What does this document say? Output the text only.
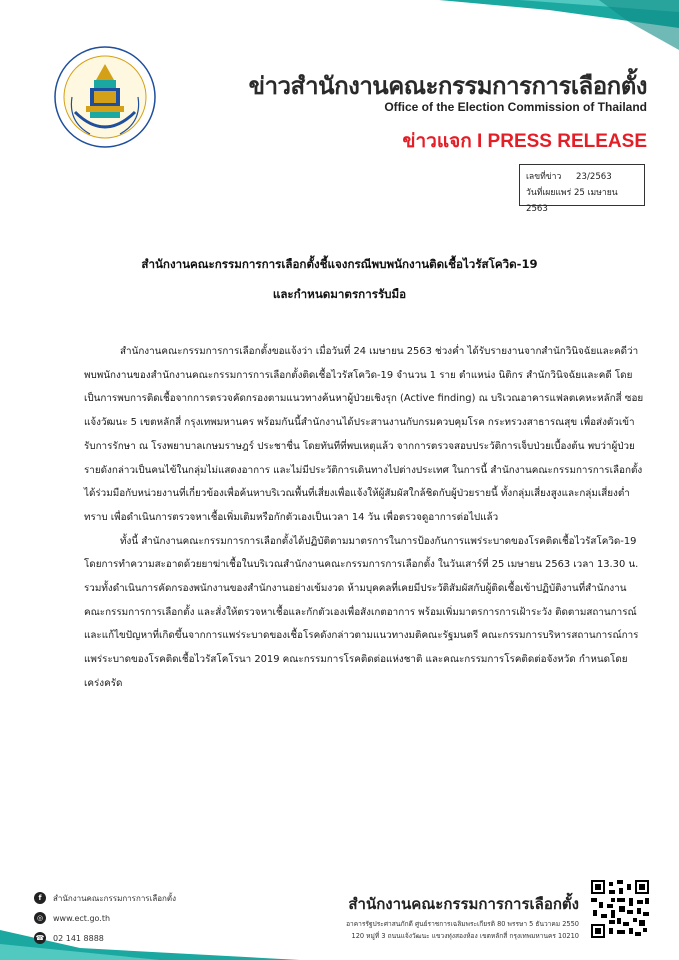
ข่าวสำนักงานคณะกรรมการการเลือกตั้ง
Office of the Election Commission of Thailand
ข่าวแจก I PRESS RELEASE
เลขที่ข่าว 23/2563
วันที่เผยแพร่ 25 เมษายน 2563
สำนักงานคณะกรรมการการเลือกตั้งชี้แจงกรณีพบพนักงานติดเชื้อไวรัสโควิด-19
และกำหนดมาตรการรับมือ

สำนักงานคณะกรรมการการเลือกตั้งขอแจ้งว่า เมื่อวันที่ 24 เมษายน 2563 ช่วงค่ำ ได้รับรายงานจากสำนักวินิจฉัยและคดีว่า พบพนักงานของสำนักงานคณะกรรมการการเลือกตั้งติดเชื้อไวรัสโควิด-19 จำนวน 1 ราย ตำแหน่ง นิติกร สำนักวินิจฉัยและคดี โดยเป็นการพบการติดเชื้อจากการตรวจคัดกรองตามแนวทางค้นหาผู้ป่วยเชิงรุก (Active finding) ณ บริเวณอาคารแฟลตเคหะหลักสี่ ซอยแจ้งวัฒนะ 5 เขตหลักสี่ กรุงเทพมหานคร พร้อมกันนี้สำนักงานได้ประสานงานกับกรมควบคุมโรค กระทรวงสาธารณสุข เพื่อส่งตัวเข้ารับการรักษา ณ โรงพยาบาลเกษมราษฎร์ ประชาชื่น โดยทันทีที่พบเหตุแล้ว จากการตรวจสอบประวัติการเจ็บป่วยเบื้องต้น พบว่าผู้ป่วยรายดังกล่าวเป็นคนไข้ในกลุ่มไม่แสดงอาการ และไม่มีประวัติการเดินทางไปต่างประเทศ ในการนี้ สำนักงานคณะกรรมการการเลือกตั้งได้ร่วมมือกับหน่วยงานที่เกี่ยวข้องเพื่อค้นหาบริเวณพื้นที่เสี่ยงเพื่อแจ้งให้ผู้สัมผัสใกล้ชิดกับผู้ป่วยรายนี้ ทั้งกลุ่มเสี่ยงสูงและกลุ่มเสี่ยงต่ำทราบ เพื่อดำเนินการตรวจหาเชื้อเพิ่มเติมหรือกักตัวเองเป็นเวลา 14 วัน เพื่อตรวจดูอาการต่อไปแล้ว

ทั้งนี้ สำนักงานคณะกรรมการการเลือกตั้งได้ปฏิบัติตามมาตรการในการป้องกันการแพร่ระบาดของโรคติดเชื้อไวรัสโควิด-19 โดยการทำความสะอาดด้วยยาฆ่าเชื้อในบริเวณสำนักงานคณะกรรมการการเลือกตั้ง ในวันเสาร์ที่ 25 เมษายน 2563 เวลา 13.30 น. รวมทั้งดำเนินการคัดกรองพนักงานของสำนักงานอย่างเข้มงวด ห้ามบุคคลที่เคยมีประวัติสัมผัสกับผู้ติดเชื้อเข้าปฏิบัติงานที่สำนักงานคณะกรรมการการเลือกตั้ง และสั่งให้ตรวจหาเชื้อและกักตัวเองเพื่อสังเกตอาการ พร้อมเพิ่มมาตรการการเฝ้าระวัง ติดตามสถานการณ์และแก้ไขปัญหาที่เกิดขึ้นจากการแพร่ระบาดของเชื้อโรคดังกล่าวตามแนวทางมติคณะรัฐมนตรี คณะกรรมการบริหารสถานการณ์การแพร่ระบาดของโรคติดเชื้อไวรัสโคโรนา 2019 คณะกรรมการโรคติดต่อแห่งชาติ และคณะกรรมการโรคติดต่อจังหวัด กำหนดโดยเคร่งครัด

f	สำนักงานคณะกรรมการการเลือกตั้ง
◎	www.ect.go.th
☎ 02 141 8888
สำนักงานคณะกรรมการการเลือกตั้ง
อาคารรัฐประศาสนภักดี ศูนย์ราชการเฉลิมพระเกียรติ 80 พรรษา 5 ธันวาคม 2550
120 หมู่ที่ 3 ถนนแจ้งวัฒนะ แขวงทุ่งสองห้อง เขตหลักสี่ กรุงเทพมหานคร 10210
